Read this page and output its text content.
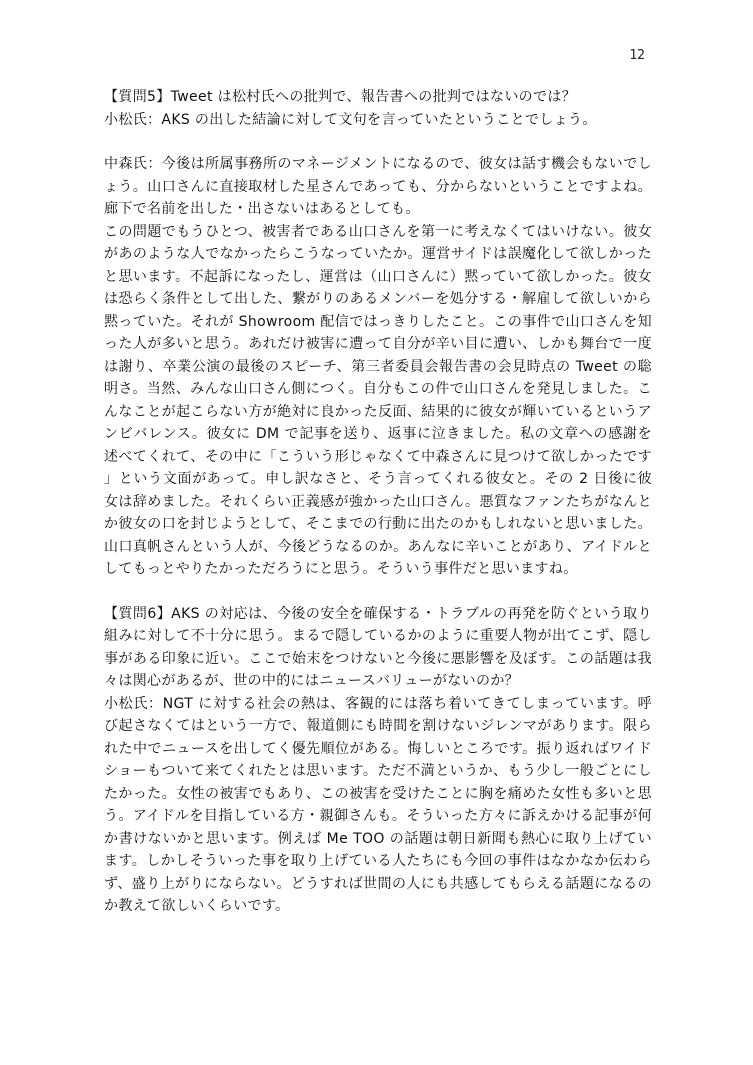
12

【質問5】Tweet は松村氏への批判で、報告書への批判ではないのでは？

小松氏：AKS の出した結論に対して文句を言っていたということでしょう。

中森氏：今後は所属事務所のマネージメントになるので、彼女は話す機会もないでしょう。山口さんに直接取材した星さんであっても、分からないということですよね。廊下で名前を出した・出さないはあるとしても。

この問題でもうひとつ、被害者である山口さんを第一に考えなくてはいけない。彼女があのような人でなかったらこうなっていたか。運営サイドは誤魔化して欲しかったと思います。不起訴になったし、運営は（山口さんに）黙っていて欲しかった。彼女は恐らく条件として出した、繋がりのあるメンバーを処分する・解雇して欲しいから黙っていた。それが Showroom 配信ではっきりしたこと。この事件で山口さんを知った人が多いと思う。あれだけ被害に遭って自分が辛い目に遭い、しかも舞台で一度は謝り、卒業公演の最後のスピーチ、第三者委員会報告書の会見時点の Tweet の聡明さ。当然、みんな山口さん側につく。自分もこの件で山口さんを発見しました。こんなことが起こらない方が絶対に良かった反面、結果的に彼女が輝いているというアンビバレンス。彼女に DM で記事を送り、返事に泣きました。私の文章への感謝を述べてくれて、その中に「こういう形じゃなくて中森さんに見つけて欲しかったです」という文面があって。申し訳なさと、そう言ってくれる彼女と。その 2 日後に彼女は辞めました。それくらい正義感が強かった山口さん。悪質なファンたちがなんとか彼女の口を封じようとして、そこまでの行動に出たのかもしれないと思いました。山口真帆さんという人が、今後どうなるのか。あんなに辛いことがあり、アイドルとしてもっとやりたかっただろうにと思う。そういう事件だと思いますね。

【質問6】AKS の対応は、今後の安全を確保する・トラブルの再発を防ぐという取り組みに対して不十分に思う。まるで隠しているかのように重要人物が出てこず、隠し事がある印象に近い。ここで始末をつけないと今後に悪影響を及ぼす。この話題は我々は関心があるが、世の中的にはニュースバリューがないのか？

小松氏：NGT に対する社会の熱は、客観的には落ち着いてきてしまっています。呼び起さなくてはという一方で、報道側にも時間を割けないジレンマがあります。限られた中でニュースを出してく優先順位がある。悔しいところです。振り返ればワイドショーもついて来てくれたとは思います。ただ不満というか、もう少し一般ごとにしたかった。女性の被害でもあり、この被害を受けたことに胸を痛めた女性も多いと思う。アイドルを目指している方・親御さんも。そういった方々に訴えかける記事が何か書けないかと思います。例えば Me TOO の話題は朝日新聞も熱心に取り上げています。しかしそういった事を取り上げている人たちにも今回の事件はなかなか伝わらず、盛り上がりにならない。どうすれば世間の人にも共感してもらえる話題になるのか教えて欲しいくらいです。
